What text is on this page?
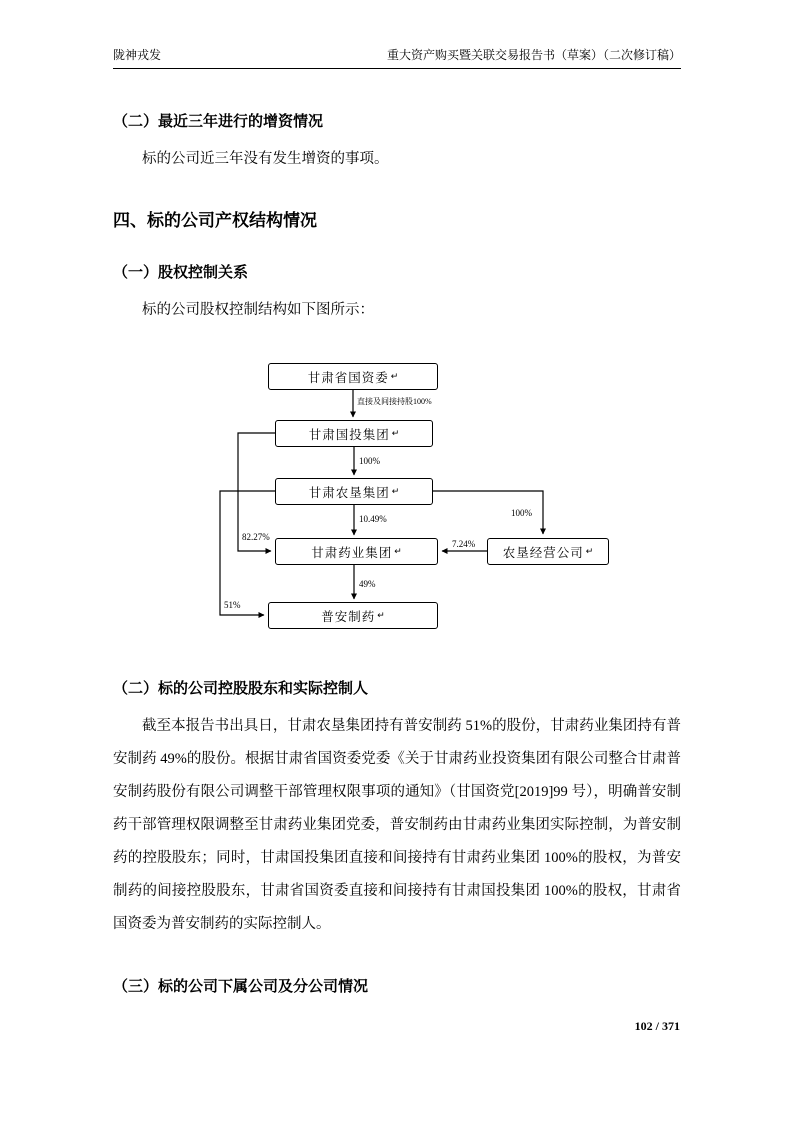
陇神戎发	重大资产购买暨关联交易报告书（草案）（二次修订稿）
（二）最近三年进行的增资情况
标的公司近三年没有发生增资的事项。
四、标的公司产权结构情况
（一）股权控制关系
标的公司股权控制结构如下图所示：
甘肃省国资委 ↵
甘肃国投集团 ↵
甘肃农垦集团 ↵
甘肃药业集团 ↵
普安制药 ↵
农垦经营公司 ↵
直接及间接持股100%
100%
10.49%
82.27%
49%
51%
100%
7.24%
（二）标的公司控股股东和实际控制人
截至本报告书出具日，甘肃农垦集团持有普安制药 51%的股份，甘肃药业集团持有普安制药 49%的股份。根据甘肃省国资委党委《关于甘肃药业投资集团有限公司整合甘肃普安制药股份有限公司调整干部管理权限事项的通知》（甘国资党[2019]99 号），明确普安制药干部管理权限调整至甘肃药业集团党委，普安制药由甘肃药业集团实际控制，为普安制药的控股股东；同时，甘肃国投集团直接和间接持有甘肃药业集团 100%的股权，为普安制药的间接控股股东，甘肃省国资委直接和间接持有甘肃国投集团 100%的股权，甘肃省国资委为普安制药的实际控制人。
（三）标的公司下属公司及分公司情况
102 / 371
